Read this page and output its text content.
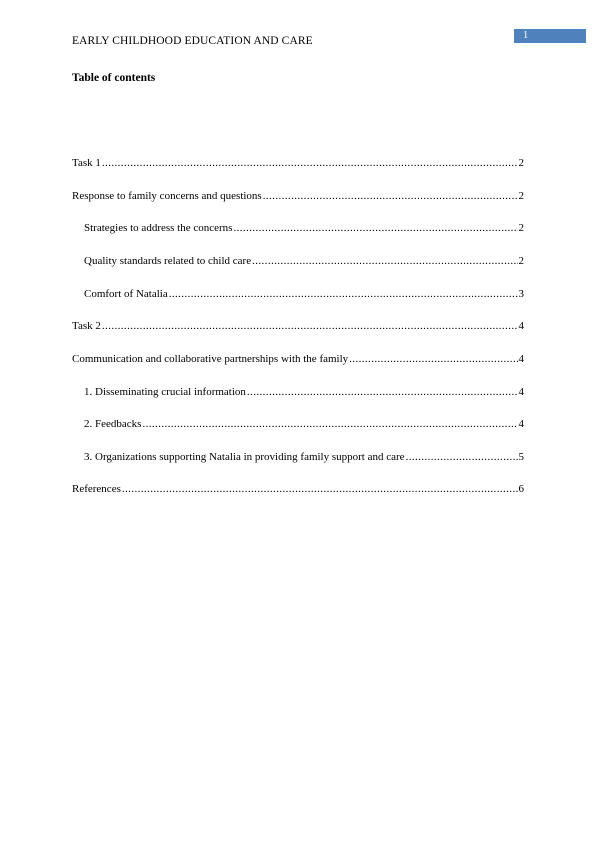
EARLY CHILDHOOD EDUCATION AND CARE	1
Table of contents
Task 1 .....	2
Response to family concerns and questions .....	2
Strategies to address the concerns .....	2
Quality standards related to child care .....	2
Comfort of Natalia .....	3
Task 2 .....	4
Communication and collaborative partnerships with the family .....	4
1. Disseminating crucial information .....	4
2. Feedbacks .....	4
3. Organizations supporting Natalia in providing family support and care .....	5
References .....	6
